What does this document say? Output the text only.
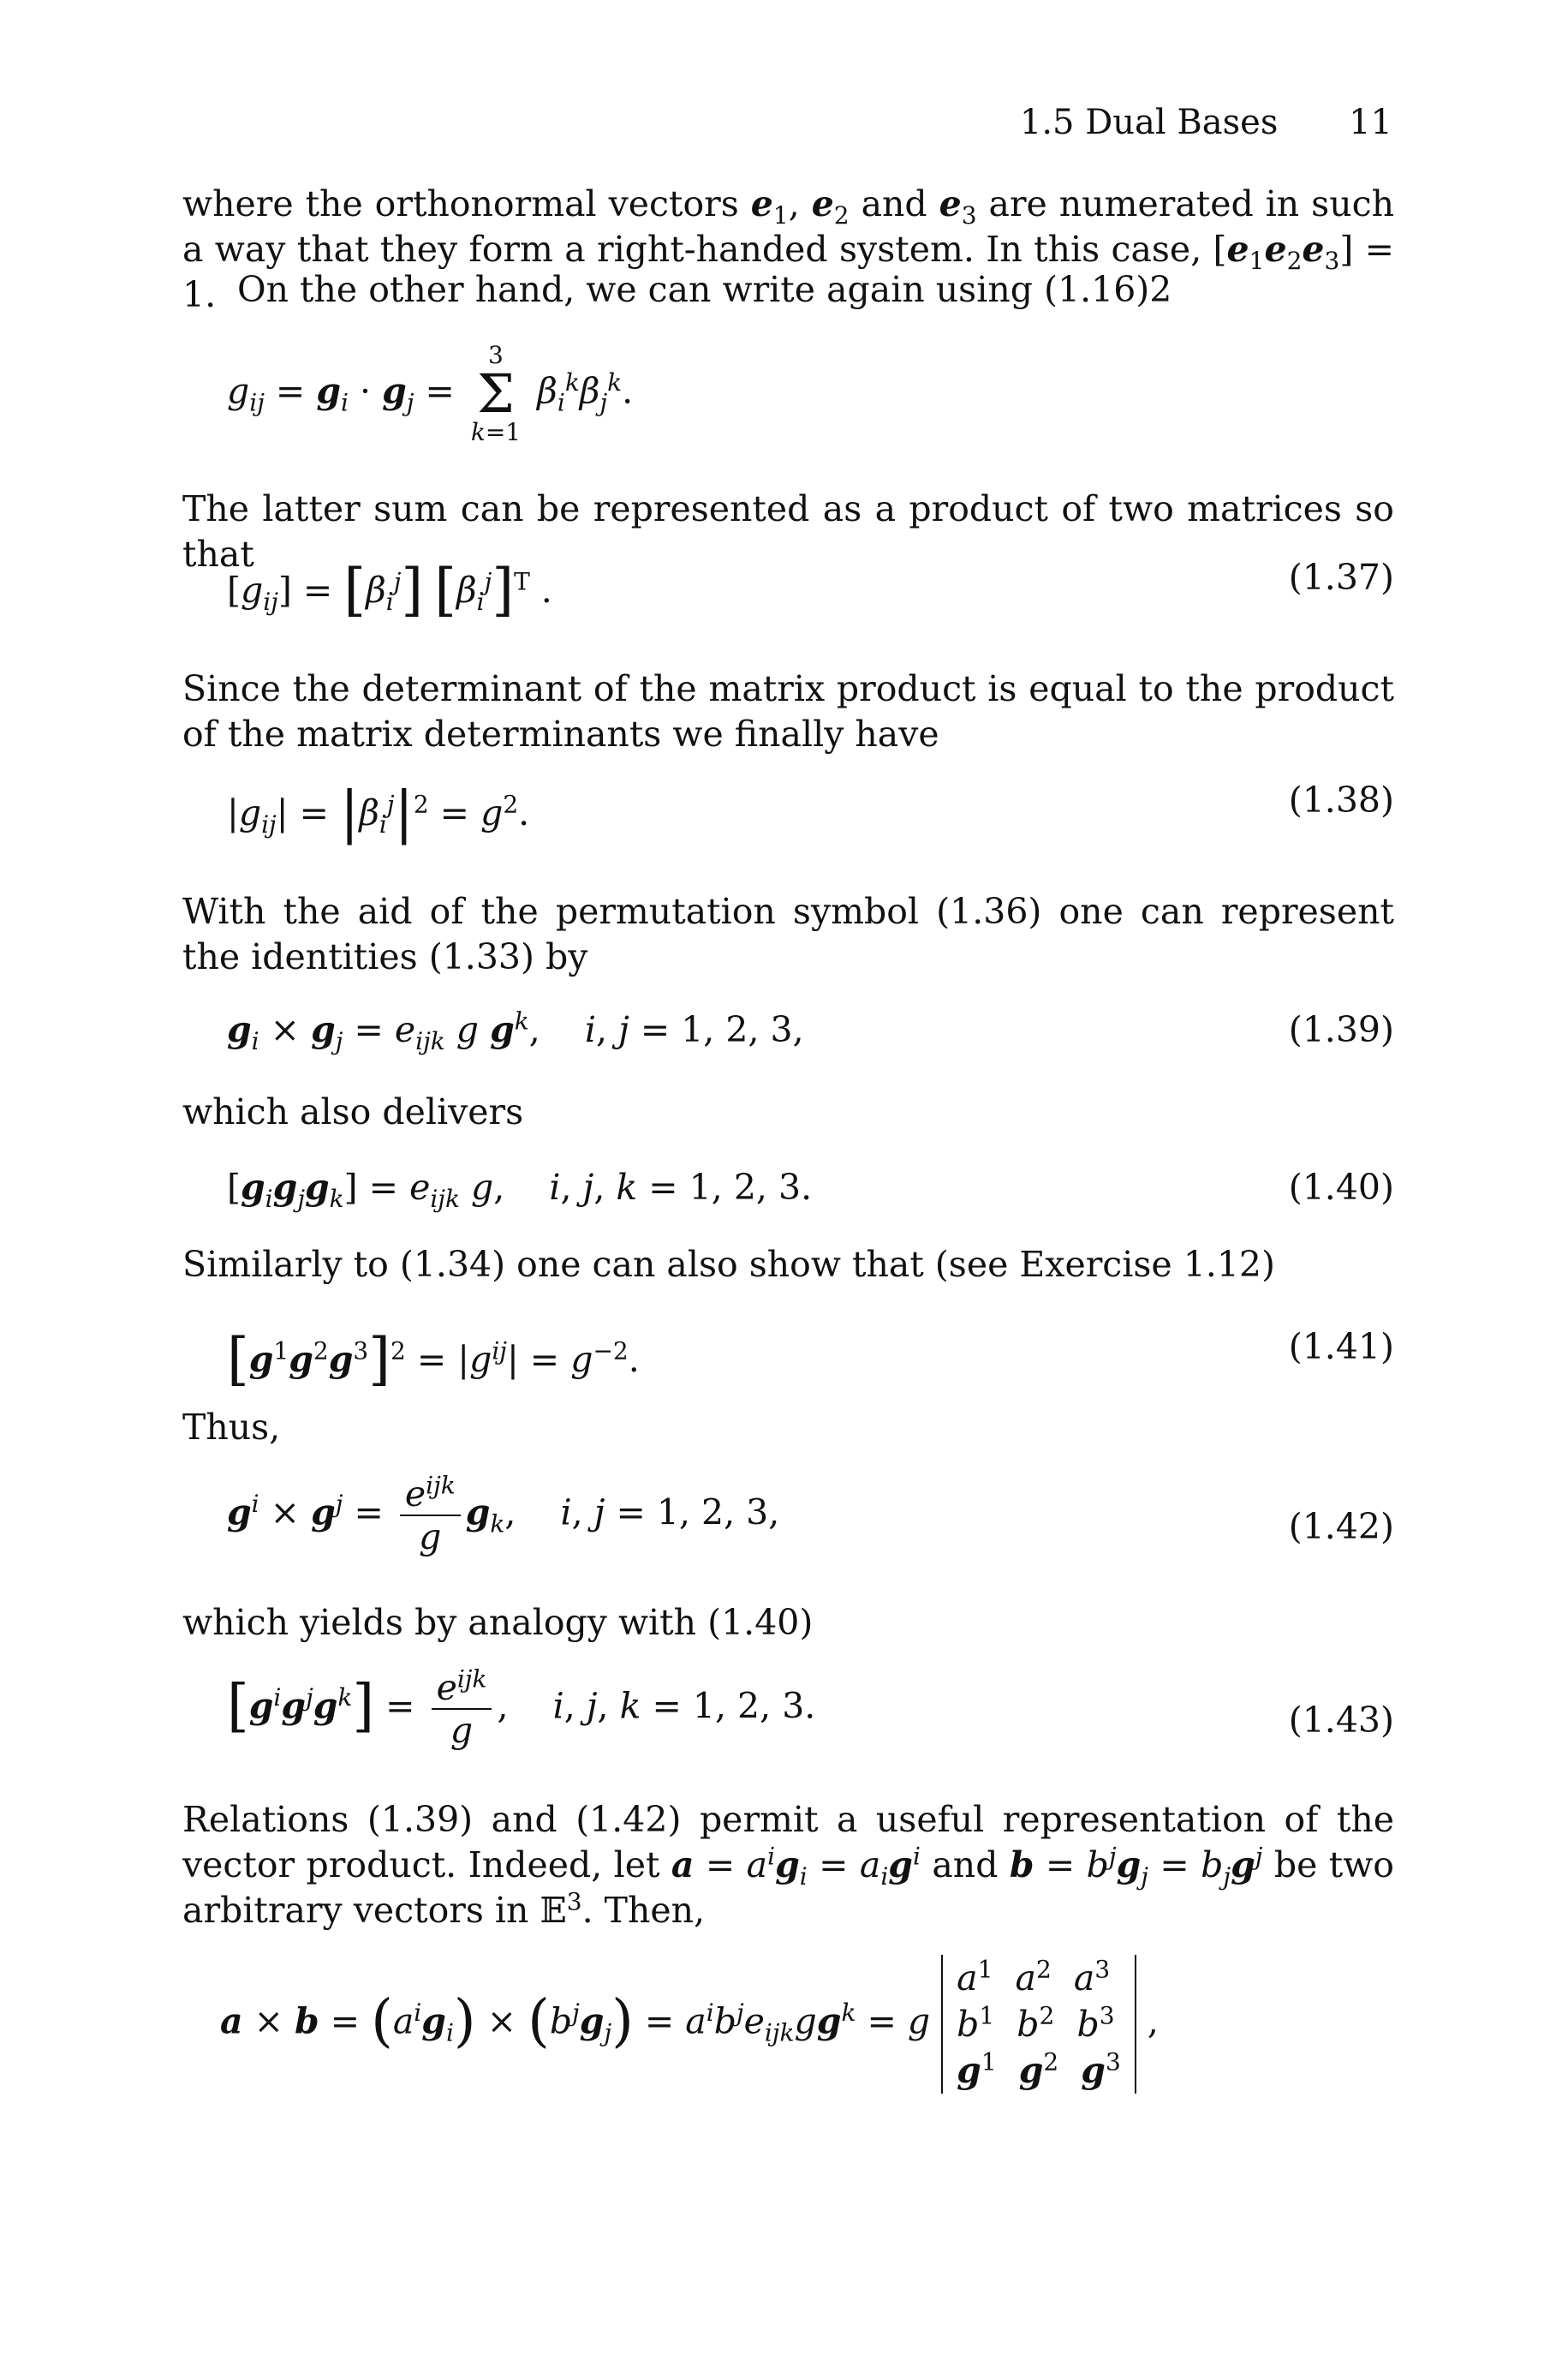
1.5 Dual Bases 11
where the orthonormal vectors $e_1$, $e_2$ and $e_3$ are numerated in such a way that they form a right-handed system. In this case, $[e_1e_2e_3] = 1$. On the other hand, we can write again using (1.16)2
$g_{ij} = g_i \cdot g_j$ =
3
Σ
k=1
$\beta_i^k\beta_j^k$.
The latter sum can be represented as a product of two matrices so that
$[g_{ij}] = [\beta_i^j]$ $[\beta_i^j]^T$ .	(1.37)
Since the determinant of the matrix product is equal to the product of the matrix determinants we finally have
$|g_{ij}| = |\beta_i^j|^2 = g^2$.	(1.38)
With the aid of the permutation symbol (1.36) one can represent the identities (1.33) by
$g_i \times g_j = e_{ijk}$ g $g^k$,    i, j = 1, 2, 3,	(1.39)
which also delivers
$[g_ig_jg_k] = e_{ijk}$ g,    i, j, k = 1, 2, 3.	(1.40)
Similarly to (1.34) one can also show that (see Exercise 1.12)
$[g^1g^2g^3]^2 = |g^{ij}| = g^{-2}$.	(1.41)
Thus,
$g^i \times g^j = \frac{e^{ijk}}{g} g_k$,    i, j = 1, 2, 3,	(1.42)
which yields by analogy with (1.40)
$[g^ig^jg^k] = \frac{e^{ijk}}{g}$ ,    i, j, k = 1, 2, 3.	(1.43)
Relations (1.39) and (1.42) permit a useful representation of the vector product. Indeed, let $a = a^ig_i = a_ig^i$ and $b = b^jg_j = b_jg^j$ be two arbitrary vectors in 𝔼$^3$. Then,
$a \times b = (a^ig_i) \times (b^jg_j) = a^ib^je_{ijk}gg^k = g$
$a^1$ $a^2$ $a^3$
$b^1$ $b^2$ $b^3$
$g^1$ $g^2$ $g^3$
,
